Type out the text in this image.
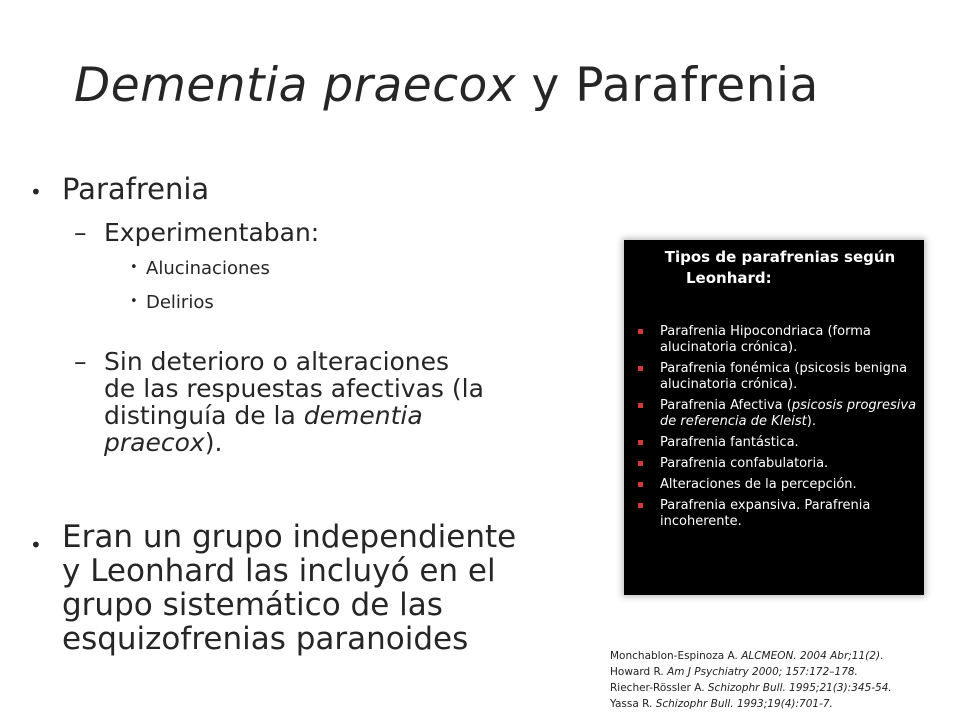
Dementia praecox y Parafrenia
• Parafrenia
– Experimentaban:
• Alucinaciones
• Delirios
– Sin deterioro o alteraciones
de las respuestas afectivas (la
distinguía de la dementia
praecox).
• Eran un grupo independiente
y Leonhard las incluyó en el
grupo sistemático de las
esquizofrenias paranoides
Tipos de parafrenias según
Leonhard:
Parafrenia Hipocondriaca (forma alucinatoria crónica).
Parafrenia fonémica (psicosis benigna alucinatoria crónica).
Parafrenia Afectiva (psicosis progresiva de referencia de Kleist).
Parafrenia fantástica.
Parafrenia confabulatoria.
Alteraciones de la percepción.
Parafrenia expansiva. Parafrenia incoherente.
Monchablon-Espinoza A. ALCMEON. 2004 Abr;11(2).
Howard R. Am J Psychiatry 2000; 157:172–178.
Riecher-Rössler A. Schizophr Bull. 1995;21(3):345-54.
Yassa R. Schizophr Bull. 1993;19(4):701-7.
